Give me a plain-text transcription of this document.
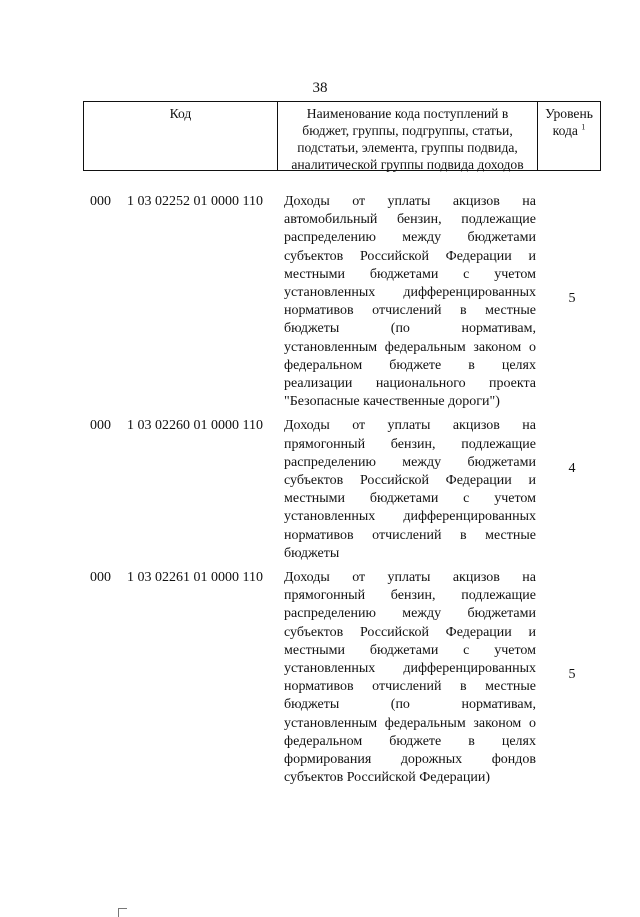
38
Код	Наименование кода поступлений в
бюджет, группы, подгруппы, статьи,
подстатьи, элемента, группы подвида,
аналитической группы подвида доходов
Уровень
кода $^1$
000 1 03 02252 01 0000 110 Доходы от уплаты акцизов на
автомобильный бензин, подлежащие
распределению между бюджетами
субъектов Российской Федерации и
местными бюджетами с учетом
установленных дифференцированных
нормативов отчислений в местные
бюджеты (по нормативам,
установленным федеральным законом о
федеральном бюджете в целях
реализации национального проекта
"Безопасные качественные дороги")
5
000 1 03 02260 01 0000 110 Доходы от уплаты акцизов на
прямогонный бензин, подлежащие
распределению между бюджетами
субъектов Российской Федерации и
местными бюджетами с учетом
установленных дифференцированных
нормативов отчислений в местные
бюджеты
4
000 1 03 02261 01 0000 110 Доходы от уплаты акцизов на
прямогонный бензин, подлежащие
распределению между бюджетами
субъектов Российской Федерации и
местными бюджетами с учетом
установленных дифференцированных
нормативов отчислений в местные
бюджеты (по нормативам,
установленным федеральным законом о
федеральном бюджете в целях
формирования дорожных фондов
субъектов Российской Федерации)
5
